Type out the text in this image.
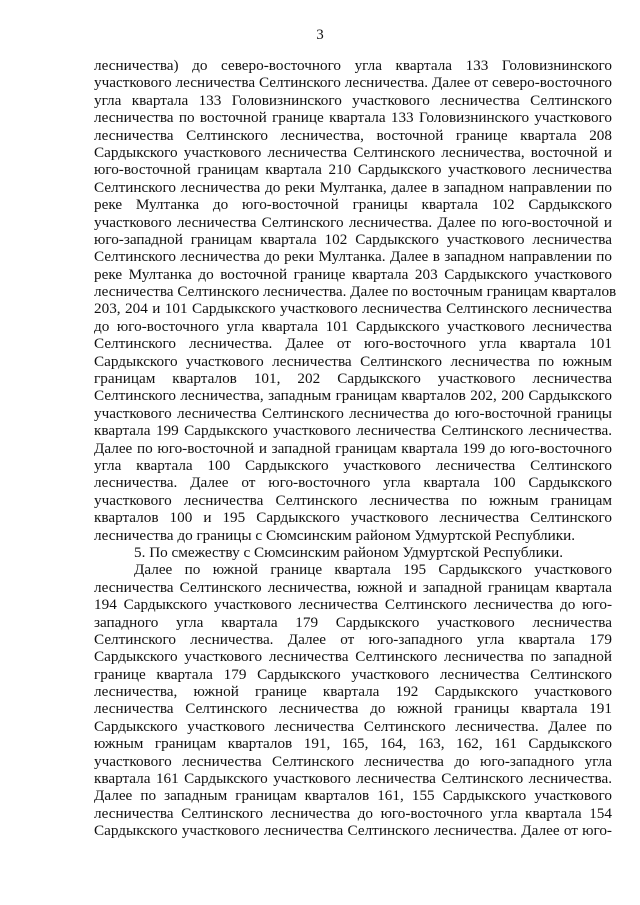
3
лесничества) до северо-восточного угла квартала 133 Головизнинского
участкового лесничества Селтинского лесничества. Далее от северо-восточного
угла квартала 133 Головизнинского участкового лесничества Селтинского
лесничества по восточной границе квартала 133 Головизнинского участкового
лесничества Селтинского лесничества, восточной границе квартала 208
Сардыкского участкового лесничества Селтинского лесничества, восточной и
юго-восточной границам квартала 210 Сардыкского участкового лесничества
Селтинского лесничества до реки Мултанка, далее в западном направлении по
реке Мултанка до юго-восточной границы квартала 102 Сардыкского
участкового лесничества Селтинского лесничества. Далее по юго-восточной и
юго-западной границам квартала 102 Сардыкского участкового лесничества
Селтинского лесничества до реки Мултанка. Далее в западном направлении по
реке Мултанка до восточной границе квартала 203 Сардыкского участкового
лесничества Селтинского лесничества. Далее по восточным границам кварталов
203, 204 и 101 Сардыкского участкового лесничества Селтинского лесничества
до юго-восточного угла квартала 101 Сардыкского участкового лесничества
Селтинского лесничества. Далее от юго-восточного угла квартала 101
Сардыкского участкового лесничества Селтинского лесничества по южным
границам кварталов 101, 202 Сардыкского участкового лесничества
Селтинского лесничества, западным границам кварталов 202, 200 Сардыкского
участкового лесничества Селтинского лесничества до юго-восточной границы
квартала 199 Сардыкского участкового лесничества Селтинского лесничества.
Далее по юго-восточной и западной границам квартала 199 до юго-восточного
угла квартала 100 Сардыкского участкового лесничества Селтинского
лесничества. Далее от юго-восточного угла квартала 100 Сардыкского
участкового лесничества Селтинского лесничества по южным границам
кварталов 100 и 195 Сардыкского участкового лесничества Селтинского
лесничества до границы с Сюмсинским районом Удмуртской Республики.
5. По смежеству с Сюмсинским районом Удмуртской Республики.
Далее по южной границе квартала 195 Сардыкского участкового
лесничества Селтинского лесничества, южной и западной границам квартала
194 Сардыкского участкового лесничества Селтинского лесничества до юго-
западного угла квартала 179 Сардыкского участкового лесничества
Селтинского лесничества. Далее от юго-западного угла квартала 179
Сардыкского участкового лесничества Селтинского лесничества по западной
границе квартала 179 Сардыкского участкового лесничества Селтинского
лесничества, южной границе квартала 192 Сардыкского участкового
лесничества Селтинского лесничества до южной границы квартала 191
Сардыкского участкового лесничества Селтинского лесничества. Далее по
южным границам кварталов 191, 165, 164, 163, 162, 161 Сардыкского
участкового лесничества Селтинского лесничества до юго-западного угла
квартала 161 Сардыкского участкового лесничества Селтинского лесничества.
Далее по западным границам кварталов 161, 155 Сардыкского участкового
лесничества Селтинского лесничества до юго-восточного угла квартала 154
Сардыкского участкового лесничества Селтинского лесничества. Далее от юго-
